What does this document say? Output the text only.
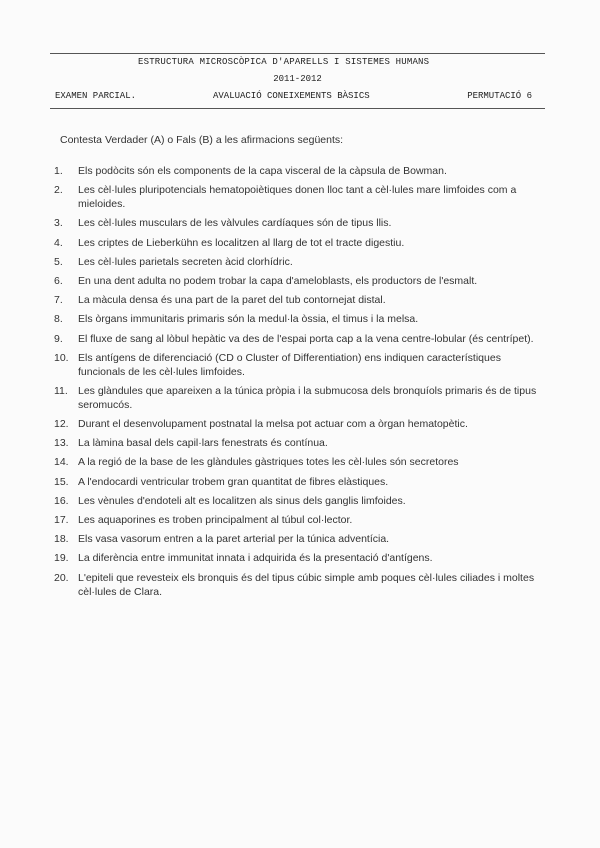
ESTRUCTURA MICROSCÒPICA D'APARELLS I SISTEMES HUMANS
2011-2012
EXAMEN PARCIAL.	AVALUACIÓ CONEIXEMENTS BÀSICS	PERMUTACIÓ 6
Contesta Verdader (A) o Fals (B) a les afirmacions següents:
1.	Els podòcits són els components de la capa visceral de la càpsula de Bowman.
2.	Les cèl·lules pluripotencials hematopoiètiques donen lloc tant a cèl·lules mare limfoides com a mieloides.
3.	Les cèl·lules musculars de les vàlvules cardíaques són de tipus llis.
4.	Les criptes de Lieberkühn es localitzen al llarg de tot el tracte digestiu.
5.	Les cèl·lules parietals secreten àcid clorhídric.
6.	En una dent adulta no podem trobar la capa d'ameloblasts, els productors de l'esmalt.
7.	La màcula densa és una part de la paret del tub contornejat distal.
8.	Els òrgans immunitaris primaris són la medul·la òssia, el timus i la melsa.
9.	El fluxe de sang al lòbul hepàtic va des de l'espai porta cap a la vena centre-lobular (és centrípet).
10. Els antígens de diferenciació (CD o Cluster of Differentiation) ens indiquen característiques funcionals de les cèl·lules limfoides.
11. Les glàndules que apareixen a la túnica pròpia i la submucosa dels bronquíols primaris és de tipus seromucós.
12. Durant el desenvolupament postnatal la melsa pot actuar com a òrgan hematopètic.
13. La làmina basal dels capil·lars fenestrats és contínua.
14. A la regió de la base de les glàndules gàstriques totes les cèl·lules són secretores
15. A l'endocardi ventricular trobem gran quantitat de fibres elàstiques.
16. Les vènules d'endoteli alt es localitzen als sinus dels ganglis limfoides.
17. Les aquaporines es troben principalment al túbul col·lector.
18. Els vasa vasorum entren a la paret arterial per la túnica adventícia.
19. La diferència entre immunitat innata i adquirida és la presentació d'antígens.
20. L'epiteli que revesteix els bronquis és del tipus cúbic simple amb poques cèl·lules ciliades i moltes cèl·lules de Clara.
